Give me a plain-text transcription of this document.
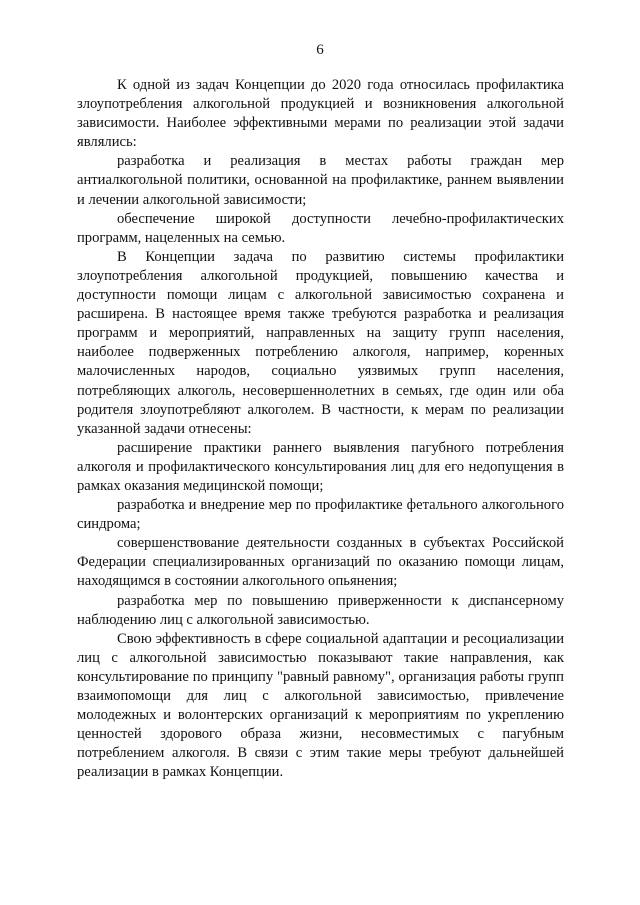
6

К одной из задач Концепции до 2020 года относилась профилактика злоупотребления алкогольной продукцией и возникновения алкогольной зависимости. Наиболее эффективными мерами по реализации этой задачи являлись:

разработка и реализация в местах работы граждан мер антиалкогольной политики, основанной на профилактике, раннем выявлении и лечении алкогольной зависимости;

обеспечение широкой доступности лечебно-профилактических программ, нацеленных на семью.

В Концепции задача по развитию системы профилактики злоупотребления алкогольной продукцией, повышению качества и доступности помощи лицам с алкогольной зависимостью сохранена и расширена. В настоящее время также требуются разработка и реализация программ и мероприятий, направленных на защиту групп населения, наиболее подверженных потреблению алкоголя, например, коренных малочисленных народов, социально уязвимых групп населения, потребляющих алкоголь, несовершеннолетних в семьях, где один или оба родителя злоупотребляют алкоголем. В частности, к мерам по реализации указанной задачи отнесены:

расширение практики раннего выявления пагубного потребления алкоголя и профилактического консультирования лиц для его недопущения в рамках оказания медицинской помощи;

разработка и внедрение мер по профилактике фетального алкогольного синдрома;

совершенствование деятельности созданных в субъектах Российской Федерации специализированных организаций по оказанию помощи лицам, находящимся в состоянии алкогольного опьянения;

разработка мер по повышению приверженности к диспансерному наблюдению лиц с алкогольной зависимостью.

Свою эффективность в сфере социальной адаптации и ресоциализации лиц с алкогольной зависимостью показывают такие направления, как консультирование по принципу "равный равному", организация работы групп взаимопомощи для лиц с алкогольной зависимостью, привлечение молодежных и волонтерских организаций к мероприятиям по укреплению ценностей здорового образа жизни, несовместимых с пагубным потреблением алкоголя. В связи с этим такие меры требуют дальнейшей реализации в рамках Концепции.
